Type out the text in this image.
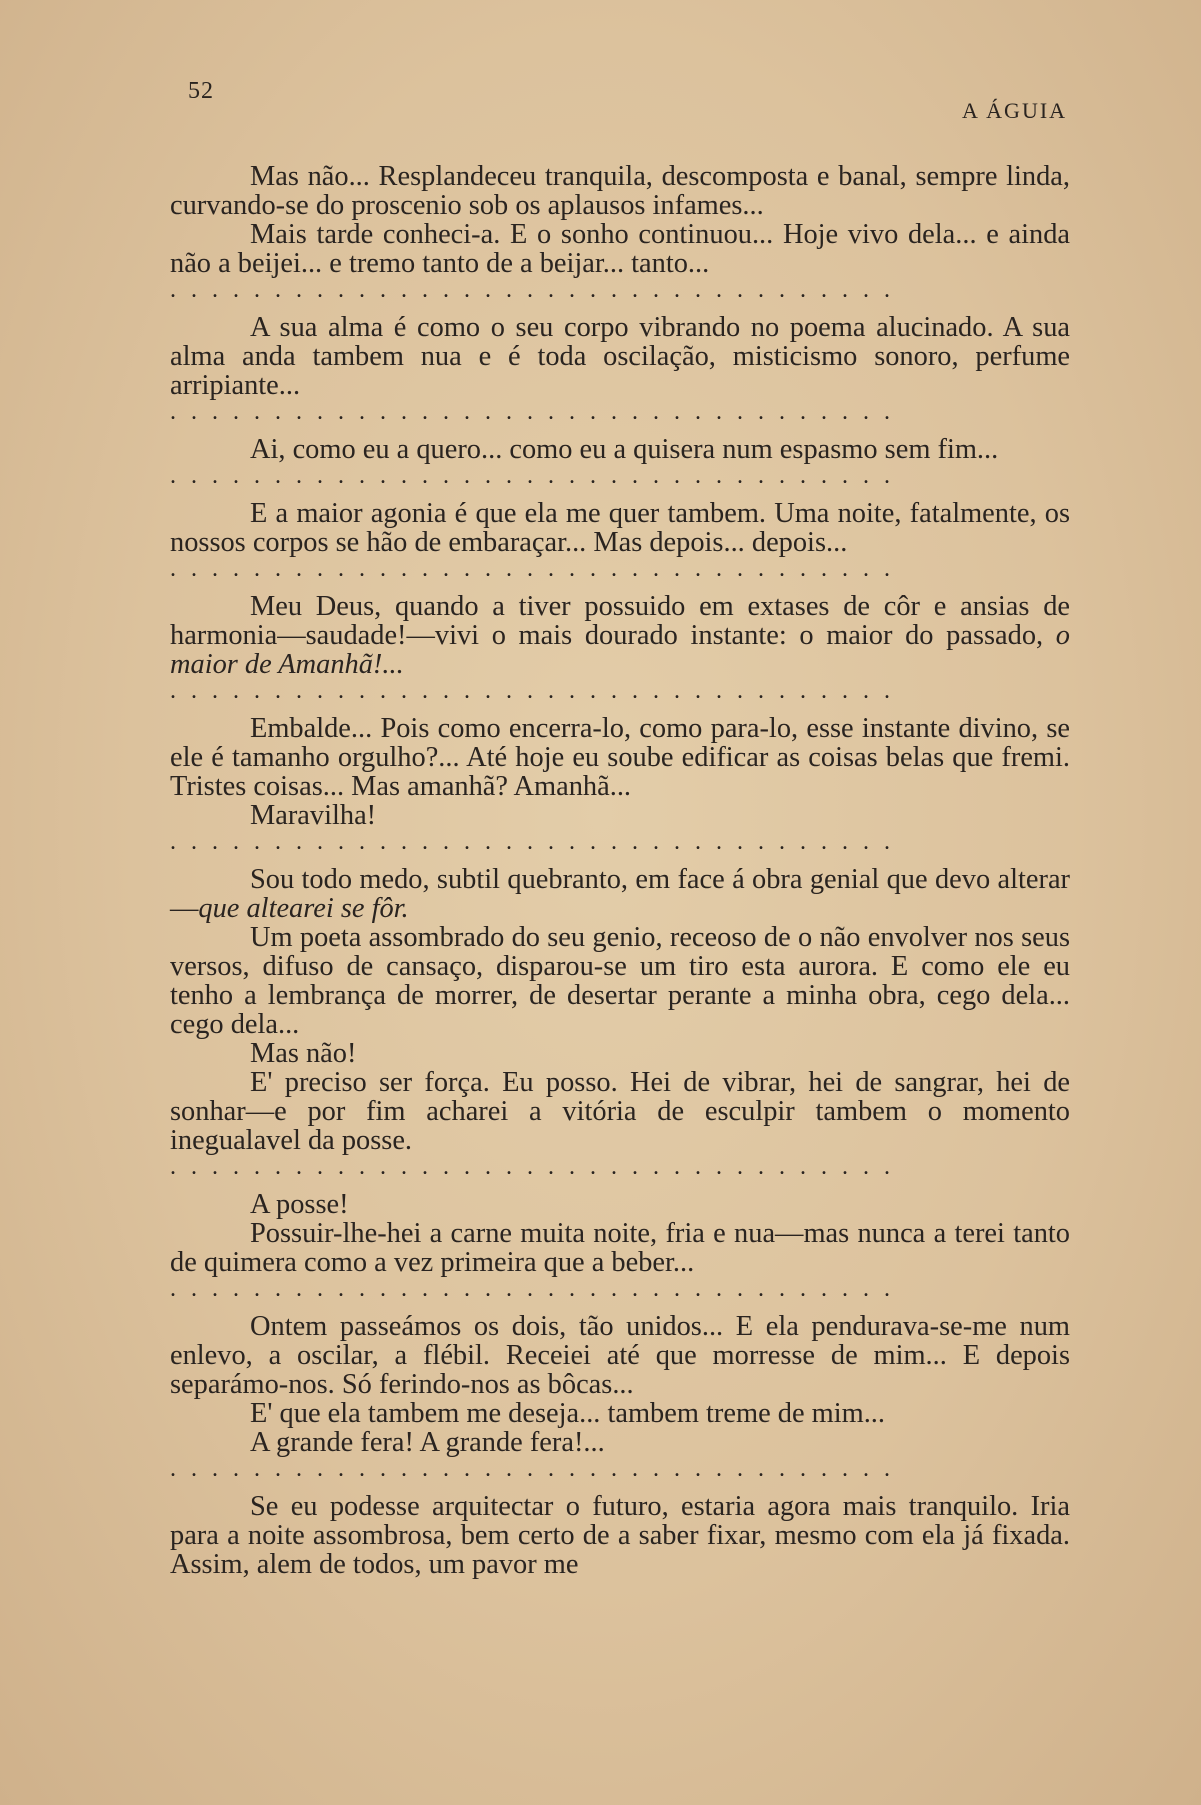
52
A ÁGUIA

Mas não... Resplandeceu tranquila, descomposta e banal, sempre linda, curvando-se do proscenio sob os aplausos infames...

Mais tarde conheci-a. E o sonho continuou... Hoje vivo dela... e ainda não a beijei... e tremo tanto de a beijar... tanto...

...................................

A sua alma é como o seu corpo vibrando no poema alucinado. A sua alma anda tambem nua e é toda oscilação, misticismo sonoro, perfume arripiante...

...................................

Ai, como eu a quero... como eu a quisera num espasmo sem fim...

...................................

E a maior agonia é que ela me quer tambem. Uma noite, fatalmente, os nossos corpos se hão de embaraçar... Mas depois... depois...

...................................

Meu Deus, quando a tiver possuido em extases de côr e ansias de harmonia—saudade!—vivi o mais dourado instante: o maior do passado, o maior de Amanhã!...

...................................

Embalde... Pois como encerra-lo, como para-lo, esse instante divino, se ele é tamanho orgulho?... Até hoje eu soube edificar as coisas belas que fremi. Tristes coisas... Mas amanhã? Amanhã...

Maravilha!

...................................

Sou todo medo, subtil quebranto, em face á obra genial que devo alterar—que altearei se fôr.

Um poeta assombrado do seu genio, receoso de o não envolver nos seus versos, difuso de cansaço, disparou-se um tiro esta aurora. E como ele eu tenho a lembrança de morrer, de desertar perante a minha obra, cego dela... cego dela...

Mas não!

E' preciso ser força. Eu posso. Hei de vibrar, hei de sangrar, hei de sonhar—e por fim acharei a vitória de esculpir tambem o momento inegualavel da posse.

...................................

A posse!

Possuir-lhe-hei a carne muita noite, fria e nua—mas nunca a terei tanto de quimera como a vez primeira que a beber...

...................................

Ontem passeámos os dois, tão unidos... E ela pendurava-se-me num enlevo, a oscilar, a flébil. Receiei até que morresse de mim... E depois separámo-nos. Só ferindo-nos as bôcas...

E' que ela tambem me deseja... tambem treme de mim...

A grande fera! A grande fera!...

...................................

Se eu podesse arquitectar o futuro, estaria agora mais tranquilo. Iria para a noite assombrosa, bem certo de a saber fixar, mesmo com ela já fixada. Assim, alem de todos, um pavor me
